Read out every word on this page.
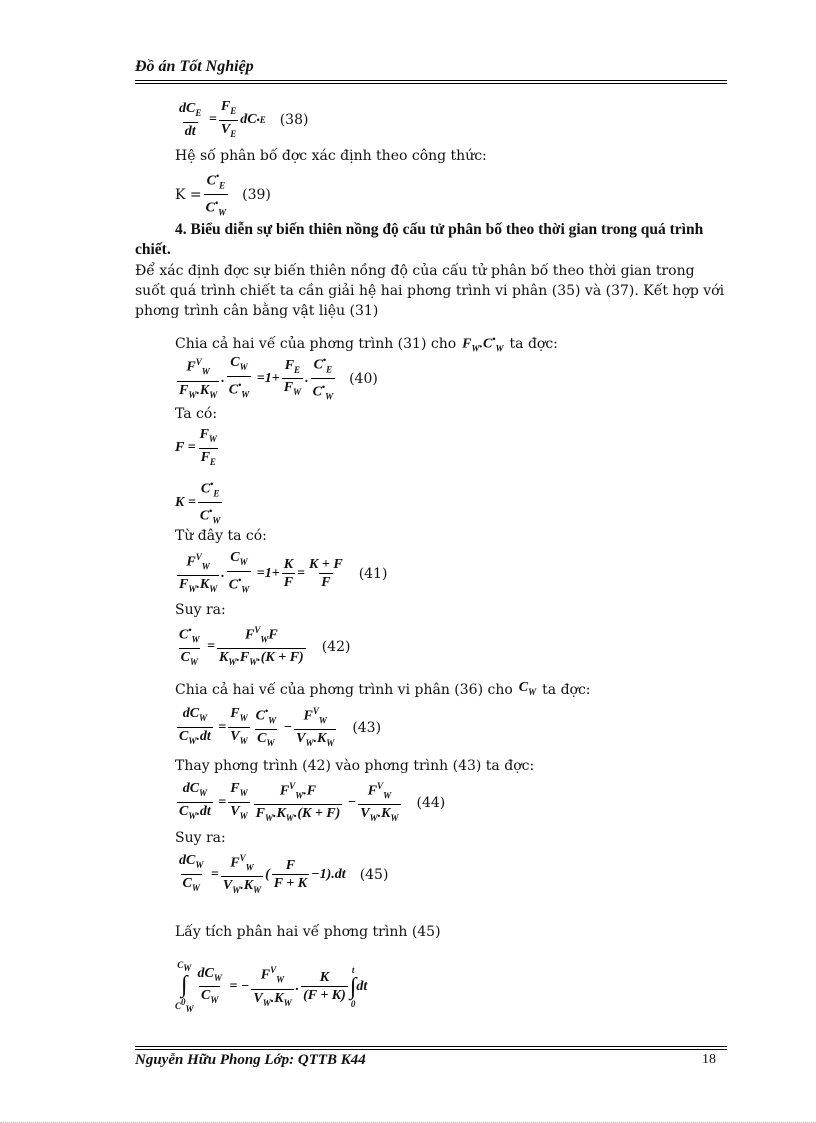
Đồ án Tốt Nghiệp
$\frac{dC_E}{dt} = \frac{F_E}{V_E}$ dC • E (38)
Hệ số phân bố đợc xác định theo công thức:
$K = \frac{C^•_E}{C^•_W} (39)$
4. Biểu diễn sự biến thiên nồng độ cấu tử phân bố theo thời gian trong quá trình chiết.
Để xác định đợc sự biến thiên nồng độ của cấu tử phân bố theo thời gian trong suốt quá trình chiết ta cần giải hệ hai phơng trình vi phân (35) và (37). Kết hợp với phơng trình cân bằng vật liệu (31)
Chia cả hai vế của phơng trình (31) cho $F_W.C^•_W$ ta đợc:
$\frac{F^V_W}{F_W.K_W}$ . $\frac{C_W}{C^•_W} =1+ \frac{F_E}{F_W}$ . $\frac{C^•_E}{C^•_W} (40)$
Ta có:
$F = \frac{F_W}{F_E}$
$K = \frac{C^•_E}{C^•_W}$
Từ đây ta có:
$\frac{F^V_W}{F_W.K_W}$ . $\frac{C_W}{C^•_W} =1+ \frac{K}{F} = \frac{K + F}{F} (41)$
Suy ra:
$\frac{C^•_W}{C_W} = \frac{F^V_WF}{K_W.F_W.(K + F)} (42)$
Chia cả hai vế của phơng trình vi phân (36) cho $C_W$ ta đợc:
$\frac{dC_W}{C_W.dt} = \frac{F_W}{V_W} \frac{C^•_W}{C_W} - \frac{F^V_W}{V_W.K_W} (43)$
Thay phơng trình (42) vào phơng trình (43) ta đợc:
$\frac{dC_W}{C_W.dt} = \frac{F_W}{V_W} \frac{F^V_W.F}{F_W.K_W.(K + F)} - \frac{F^V_W}{V_W.K_W} (44)$
Suy ra:
$\frac{dC_W}{C_W} = \frac{F^V_W}{V_W.K_W}$ ( $\frac{F}{F + K} -1).dt$ (45)
Lấy tích phân hai vế phơng trình (45)
$C_W$
∫
$C^0_W \frac{dC_W}{C_W}$ = − $\frac{F^V_W}{V_W.K_W}$ . $\frac{K}{(F + K)}$ t
∫
0
dt
Nguyễn Hữu Phong Lớp: QTTB K44	18
